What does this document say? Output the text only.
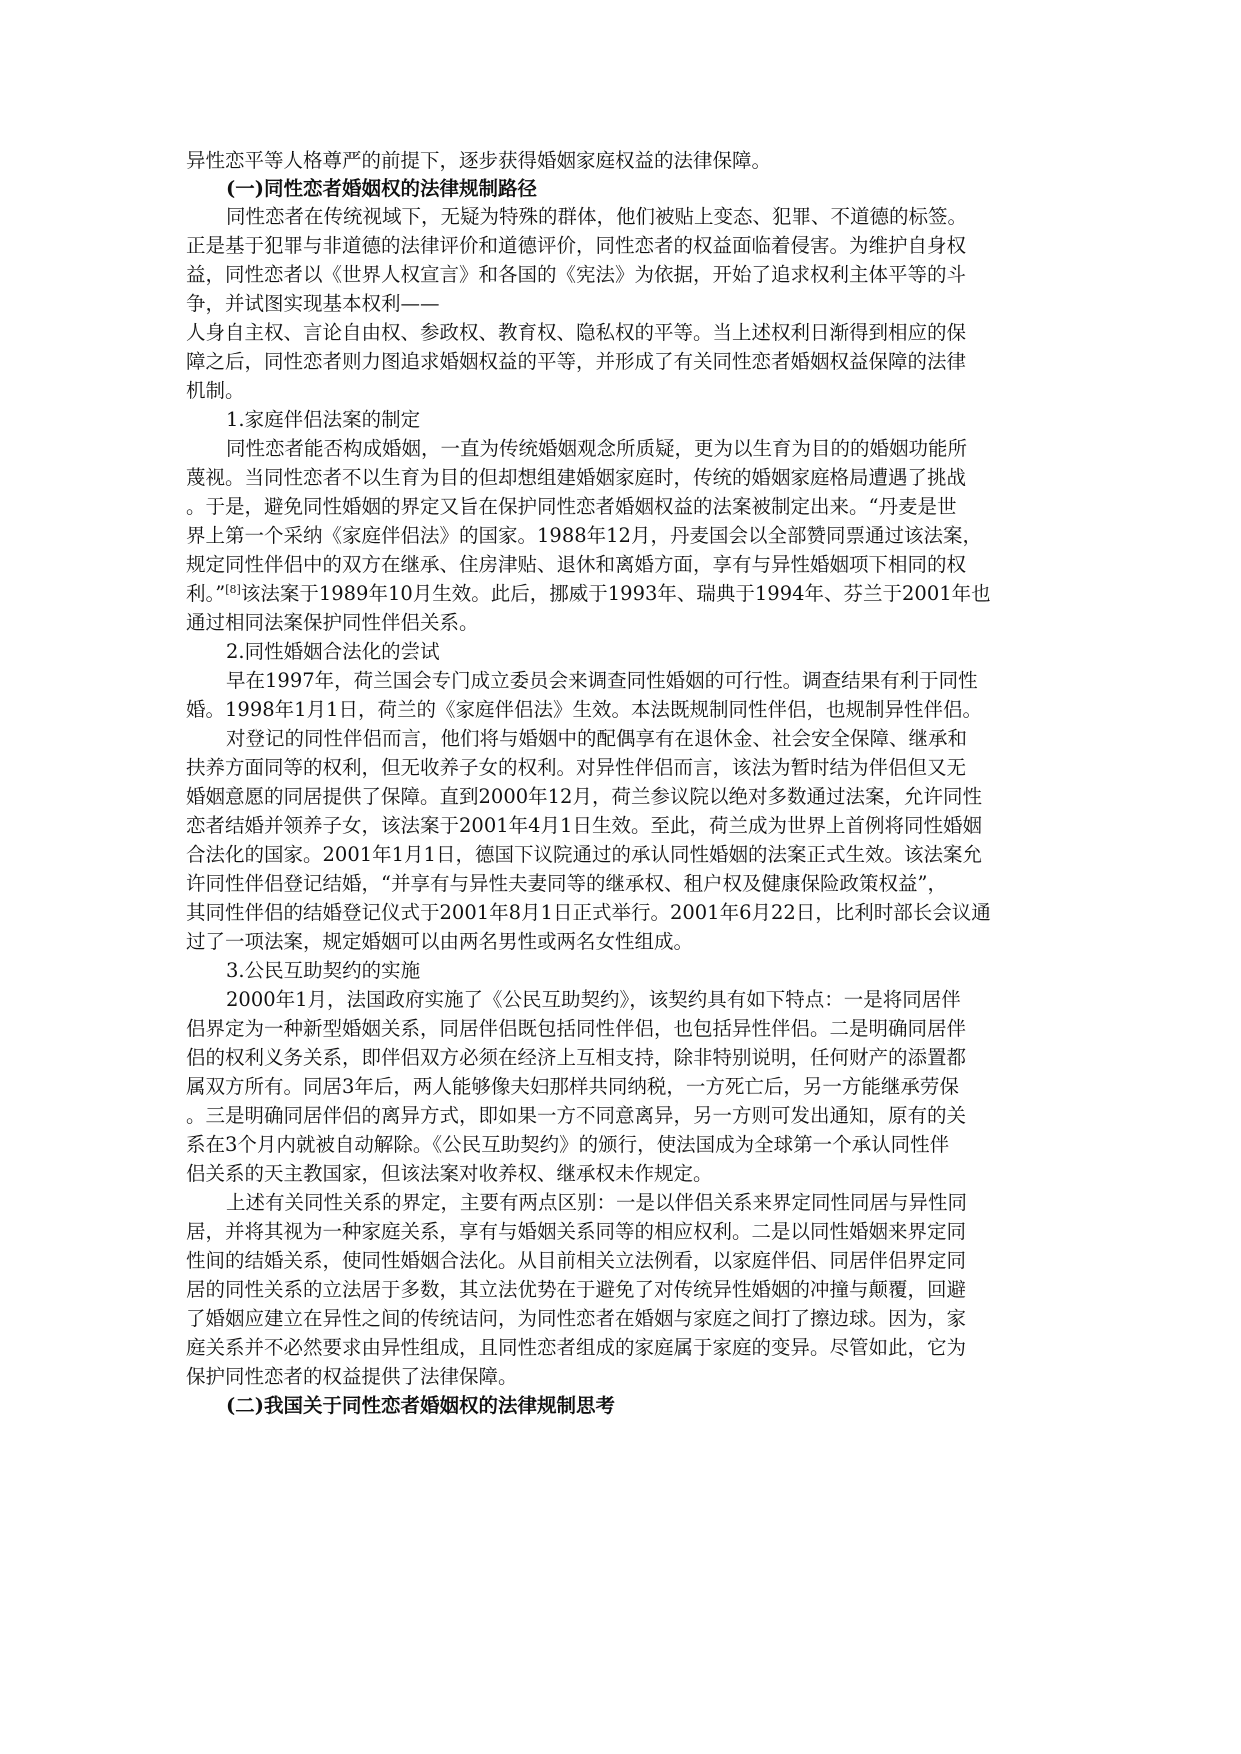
异性恋平等人格尊严的前提下，逐步获得婚姻家庭权益的法律保障。
(一)同性恋者婚姻权的法律规制路径
同性恋者在传统视域下，无疑为特殊的群体，他们被贴上变态、犯罪、不道德的标签。
正是基于犯罪与非道德的法律评价和道德评价，同性恋者的权益面临着侵害。为维护自身权
益，同性恋者以《世界人权宣言》和各国的《宪法》为依据，开始了追求权利主体平等的斗
争，并试图实现基本权利——
人身自主权、言论自由权、参政权、教育权、隐私权的平等。当上述权利日渐得到相应的保
障之后，同性恋者则力图追求婚姻权益的平等，并形成了有关同性恋者婚姻权益保障的法律
机制。
1.家庭伴侣法案的制定
同性恋者能否构成婚姻，一直为传统婚姻观念所质疑，更为以生育为目的的婚姻功能所
蔑视。当同性恋者不以生育为目的但却想组建婚姻家庭时，传统的婚姻家庭格局遭遇了挑战
。于是，避免同性婚姻的界定又旨在保护同性恋者婚姻权益的法案被制定出来。“丹麦是世
界上第一个采纳《家庭伴侣法》的国家。1988年12月，丹麦国会以全部赞同票通过该法案，
规定同性伴侣中的双方在继承、住房津贴、退休和离婚方面，享有与异性婚姻项下相同的权
利。”[8]该法案于1989年10月生效。此后，挪威于1993年、瑞典于1994年、芬兰于2001年也
通过相同法案保护同性伴侣关系。
2.同性婚姻合法化的尝试
早在1997年，荷兰国会专门成立委员会来调查同性婚姻的可行性。调查结果有利于同性
婚。1998年1月1日，荷兰的《家庭伴侣法》生效。本法既规制同性伴侣，也规制异性伴侣。
对登记的同性伴侣而言，他们将与婚姻中的配偶享有在退休金、社会安全保障、继承和
扶养方面同等的权利，但无收养子女的权利。对异性伴侣而言，该法为暂时结为伴侣但又无
婚姻意愿的同居提供了保障。直到2000年12月，荷兰参议院以绝对多数通过法案，允许同性
恋者结婚并领养子女，该法案于2001年4月1日生效。至此，荷兰成为世界上首例将同性婚姻
合法化的国家。2001年1月1日，德国下议院通过的承认同性婚姻的法案正式生效。该法案允
许同性伴侣登记结婚，“并享有与异性夫妻同等的继承权、租户权及健康保险政策权益”，
其同性伴侣的结婚登记仪式于2001年8月1日正式举行。2001年6月22日，比利时部长会议通
过了一项法案，规定婚姻可以由两名男性或两名女性组成。
3.公民互助契约的实施
2000年1月，法国政府实施了《公民互助契约》，该契约具有如下特点：一是将同居伴
侣界定为一种新型婚姻关系，同居伴侣既包括同性伴侣，也包括异性伴侣。二是明确同居伴
侣的权利义务关系，即伴侣双方必须在经济上互相支持，除非特别说明，任何财产的添置都
属双方所有。同居3年后，两人能够像夫妇那样共同纳税，一方死亡后，另一方能继承劳保
。三是明确同居伴侣的离异方式，即如果一方不同意离异，另一方则可发出通知，原有的关
系在3个月内就被自动解除。《公民互助契约》的颁行，使法国成为全球第一个承认同性伴
侣关系的天主教国家，但该法案对收养权、继承权未作规定。
上述有关同性关系的界定，主要有两点区别：一是以伴侣关系来界定同性同居与异性同
居，并将其视为一种家庭关系，享有与婚姻关系同等的相应权利。二是以同性婚姻来界定同
性间的结婚关系，使同性婚姻合法化。从目前相关立法例看，以家庭伴侣、同居伴侣界定同
居的同性关系的立法居于多数，其立法优势在于避免了对传统异性婚姻的冲撞与颠覆，回避
了婚姻应建立在异性之间的传统诘问，为同性恋者在婚姻与家庭之间打了擦边球。因为，家
庭关系并不必然要求由异性组成，且同性恋者组成的家庭属于家庭的变异。尽管如此，它为
保护同性恋者的权益提供了法律保障。
(二)我国关于同性恋者婚姻权的法律规制思考
